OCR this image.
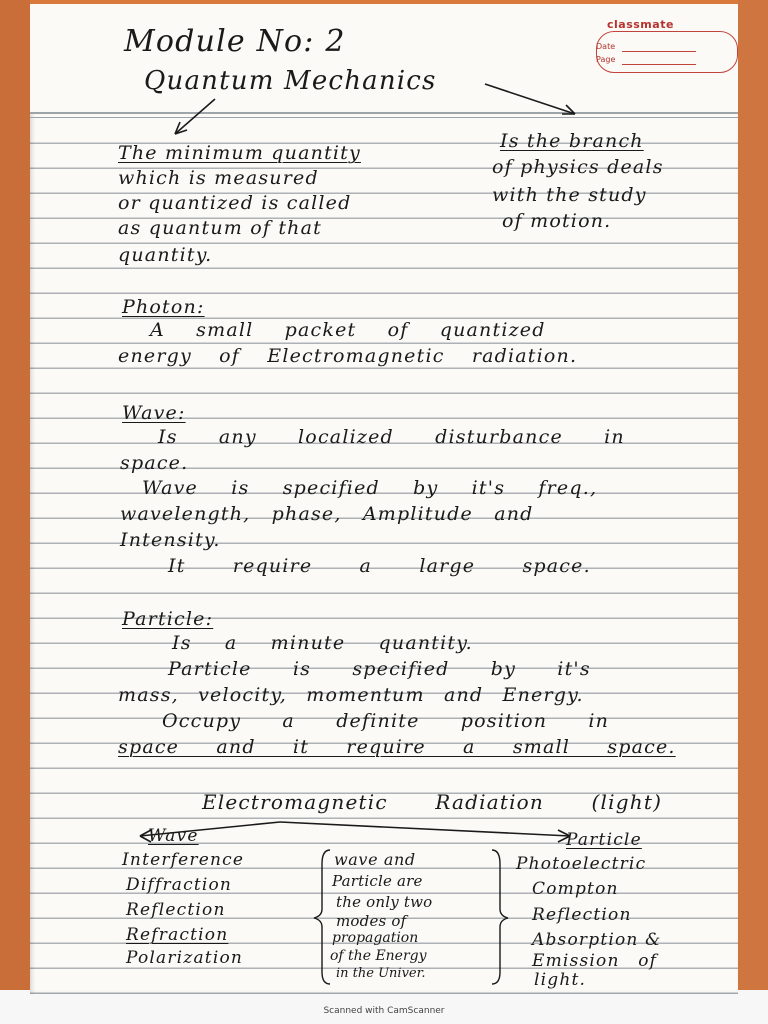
classmate
Date
Page
Module No: 2
Quantum Mechanics
The minimum quantity
which is measured
or quantized is called
as quantum of that
quantity.
Is the branch
of physics deals
with the study
of motion.
Photon:
A small packet of quantized
energy of Electromagnetic radiation.
Wave:
Is any localized disturbance in
space.
Wave is specified by it's freq.,
wavelength, phase, Amplitude and
Intensity.
It require a large space.
Particle:
Is a minute quantity.
Particle is specified by it's
mass, velocity, momentum and Energy.
Occupy a definite position in
space and it require a small space.
Electromagnetic Radiation (light)
Wave	Particle
Interference
Diffraction
Reflection
Refraction
Polarization
wave and
Particle are
the only two
modes of
propagation
of the Energy
in the Univer.
Photoelectric
Compton
Reflection
Absorption &
Emission of
light.
Scanned with CamScanner
